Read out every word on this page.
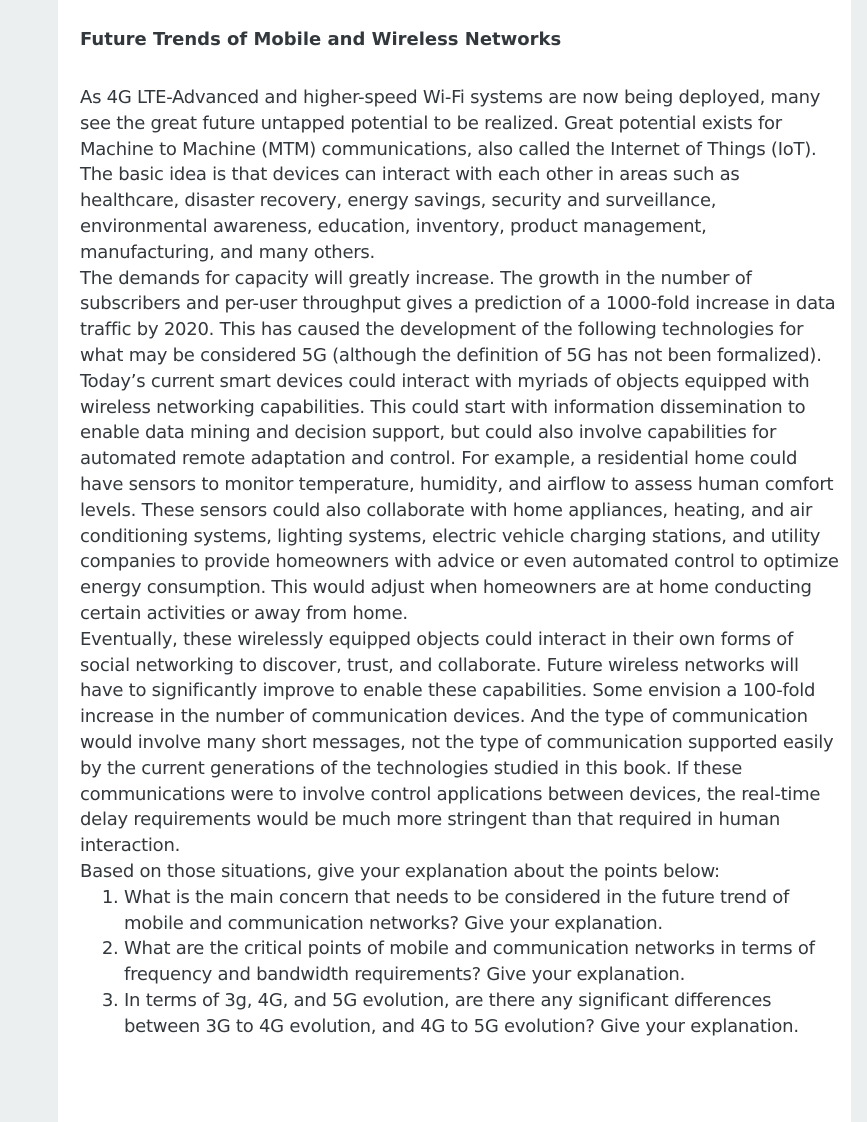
Future Trends of Mobile and Wireless Networks

As 4G LTE-Advanced and higher-speed Wi-Fi systems are now being deployed, many see the great future untapped potential to be realized. Great potential exists for Machine to Machine (MTM) communications, also called the Internet of Things (IoT). The basic idea is that devices can interact with each other in areas such as healthcare, disaster recovery, energy savings, security and surveillance, environmental awareness, education, inventory, product management, manufacturing, and many others.

The demands for capacity will greatly increase. The growth in the number of subscribers and per-user throughput gives a prediction of a 1000-fold increase in data traffic by 2020. This has caused the development of the following technologies for what may be considered 5G (although the definition of 5G has not been formalized).

Today’s current smart devices could interact with myriads of objects equipped with wireless networking capabilities. This could start with information dissemination to enable data mining and decision support, but could also involve capabilities for automated remote adaptation and control. For example, a residential home could have sensors to monitor temperature, humidity, and airflow to assess human comfort levels. These sensors could also collaborate with home appliances, heating, and air conditioning systems, lighting systems, electric vehicle charging stations, and utility companies to provide homeowners with advice or even automated control to optimize energy consumption. This would adjust when homeowners are at home conducting certain activities or away from home.

Eventually, these wirelessly equipped objects could interact in their own forms of social networking to discover, trust, and collaborate. Future wireless networks will have to significantly improve to enable these capabilities. Some envision a 100-fold increase in the number of communication devices. And the type of communication would involve many short messages, not the type of communication supported easily by the current generations of the technologies studied in this book. If these communications were to involve control applications between devices, the real-time delay requirements would be much more stringent than that required in human interaction.

Based on those situations, give your explanation about the points below:

1. What is the main concern that needs to be considered in the future trend of mobile and communication networks? Give your explanation.
2. What are the critical points of mobile and communication networks in terms of frequency and bandwidth requirements? Give your explanation.
3. In terms of 3g, 4G, and 5G evolution, are there any significant differences between 3G to 4G evolution, and 4G to 5G evolution? Give your explanation.
